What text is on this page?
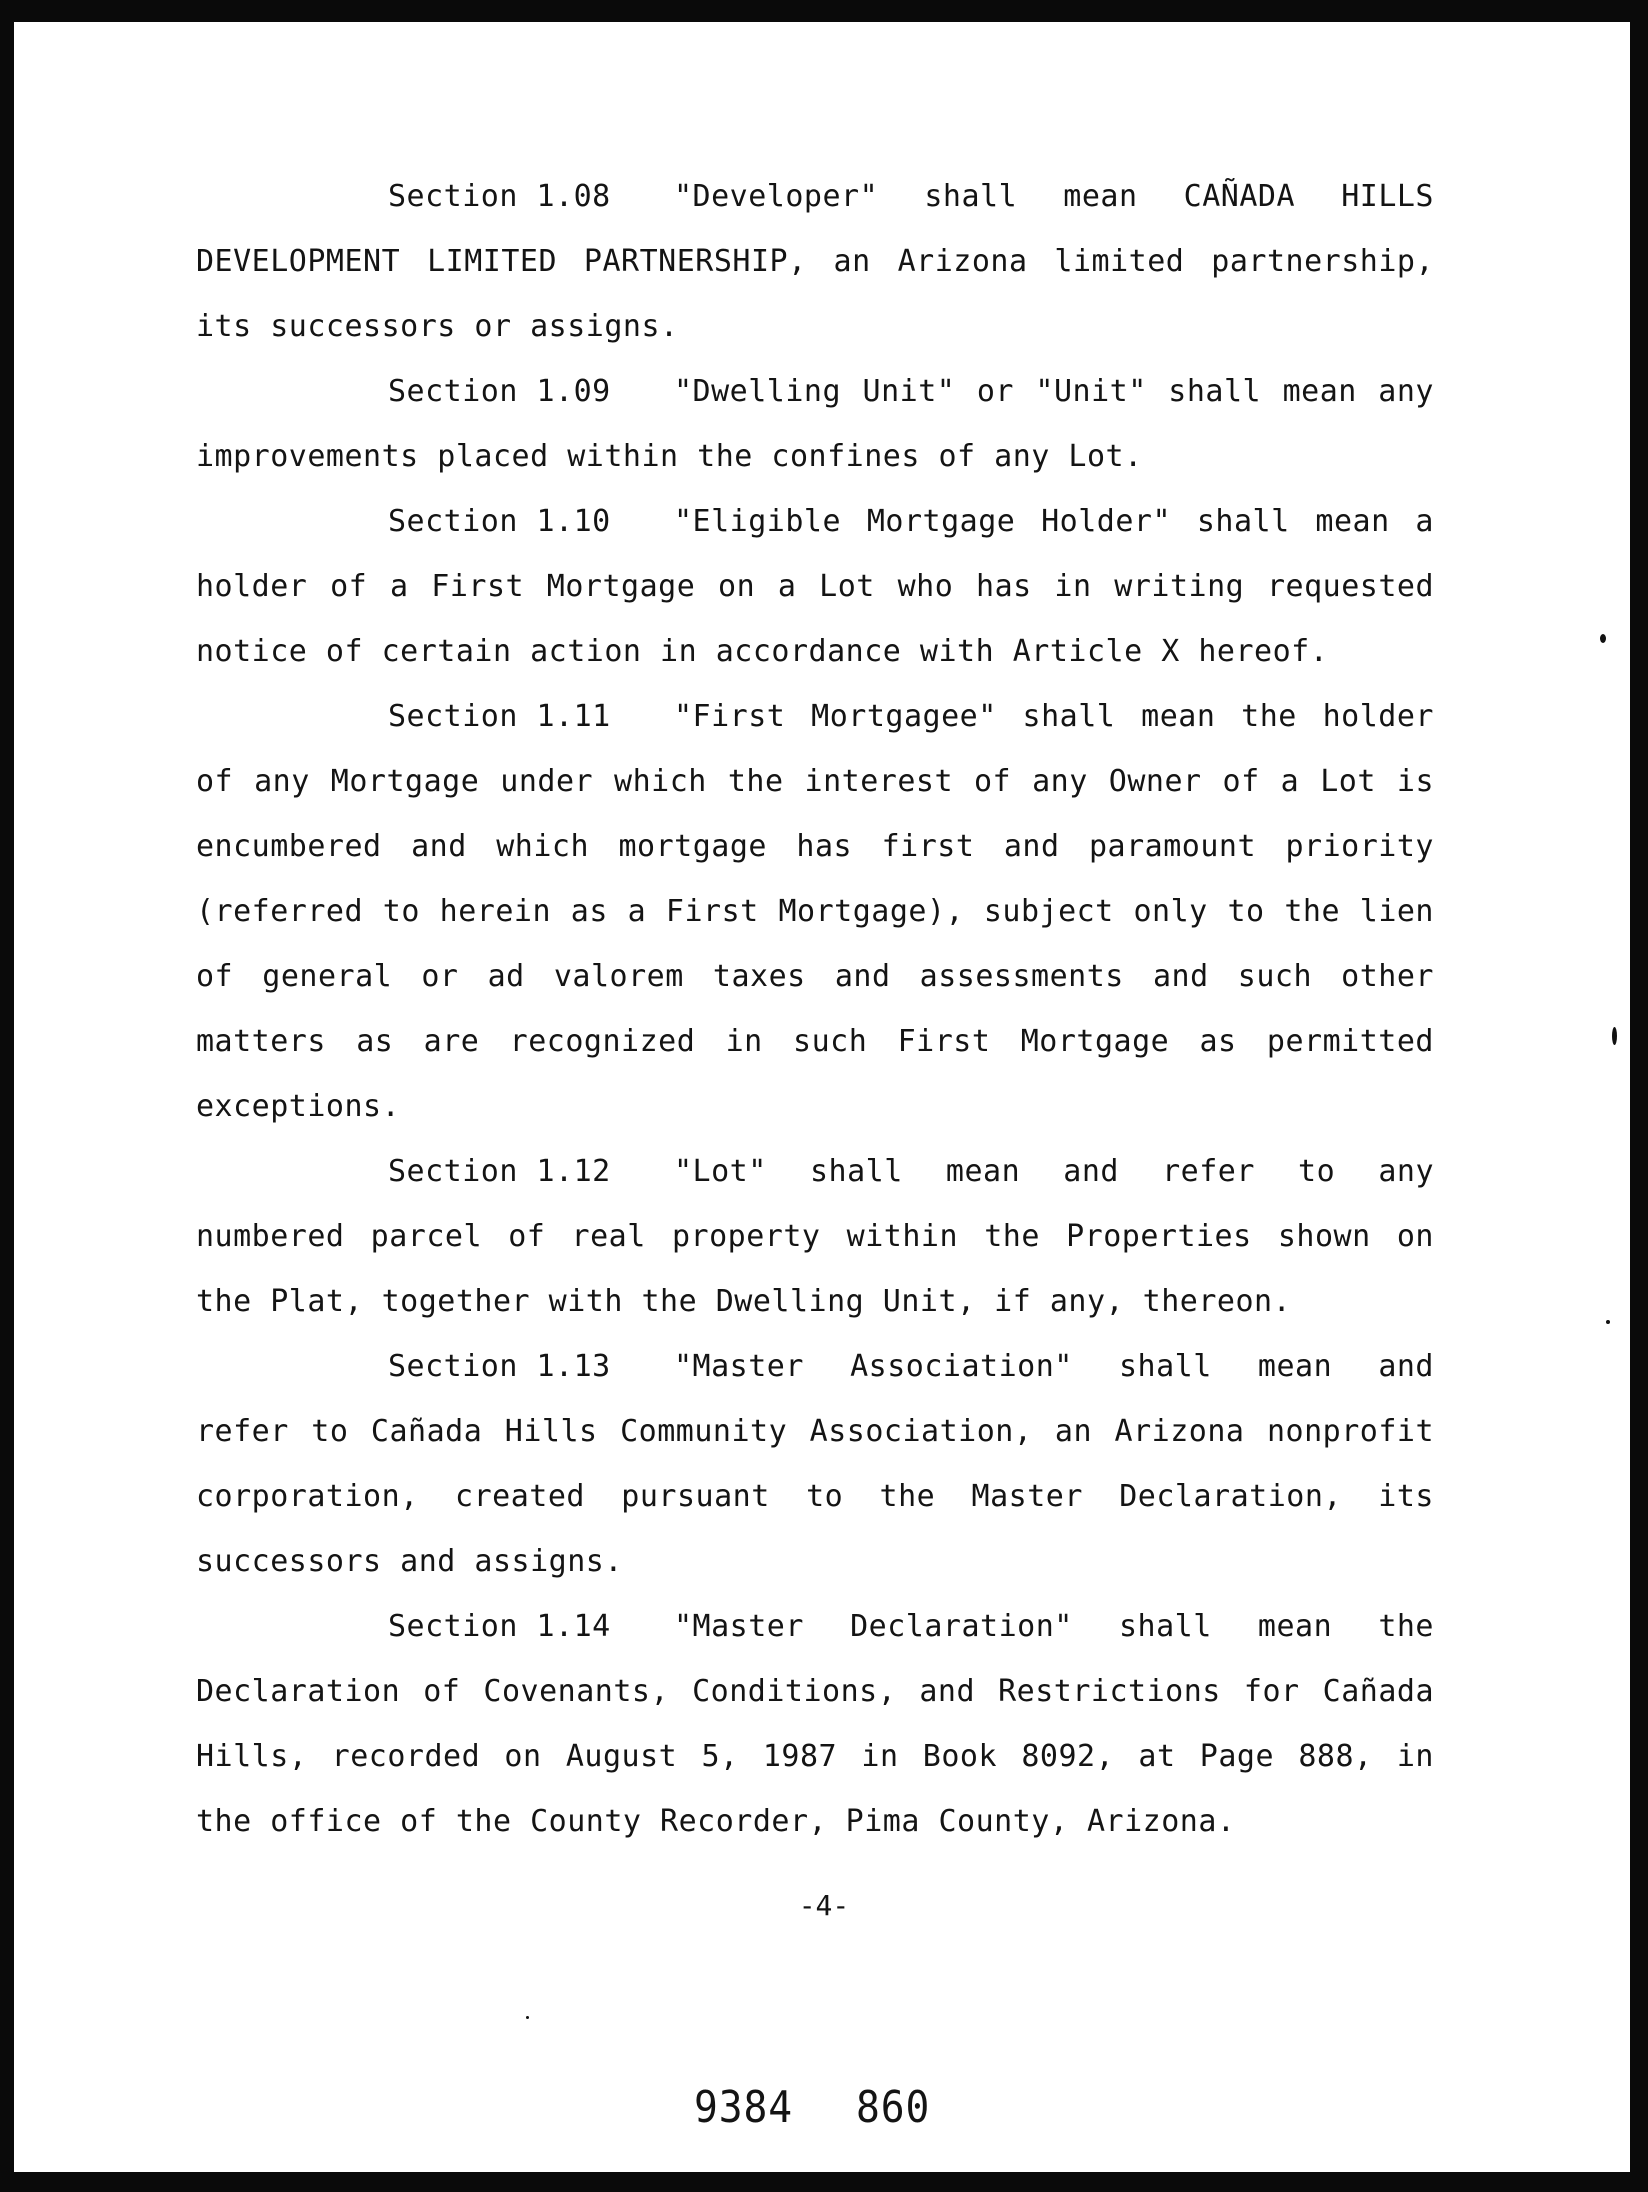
Section 1.08 "Developer" shall mean CAÑADA HILLS DEVELOPMENT LIMITED PARTNERSHIP, an Arizona limited partnership, its successors or assigns.

Section 1.09 "Dwelling Unit" or "Unit" shall mean any improvements placed within the confines of any Lot.

Section 1.10 "Eligible Mortgage Holder" shall mean a holder of a First Mortgage on a Lot who has in writing requested notice of certain action in accordance with Article X hereof.

Section 1.11 "First Mortgagee" shall mean the holder of any Mortgage under which the interest of any Owner of a Lot is encumbered and which mortgage has first and paramount priority (referred to herein as a First Mortgage), subject only to the lien of general or ad valorem taxes and assessments and such other matters as are recognized in such First Mortgage as permitted exceptions.

Section 1.12 "Lot" shall mean and refer to any numbered parcel of real property within the Properties shown on the Plat, together with the Dwelling Unit, if any, thereon.

Section 1.13 "Master Association" shall mean and refer to Cañada Hills Community Association, an Arizona nonprofit corporation, created pursuant to the Master Declaration, its successors and assigns.

Section 1.14 "Master Declaration" shall mean the Declaration of Covenants, Conditions, and Restrictions for Cañada Hills, recorded on August 5, 1987 in Book 8092, at Page 888, in the office of the County Recorder, Pima County, Arizona.

-4-
9384 860
